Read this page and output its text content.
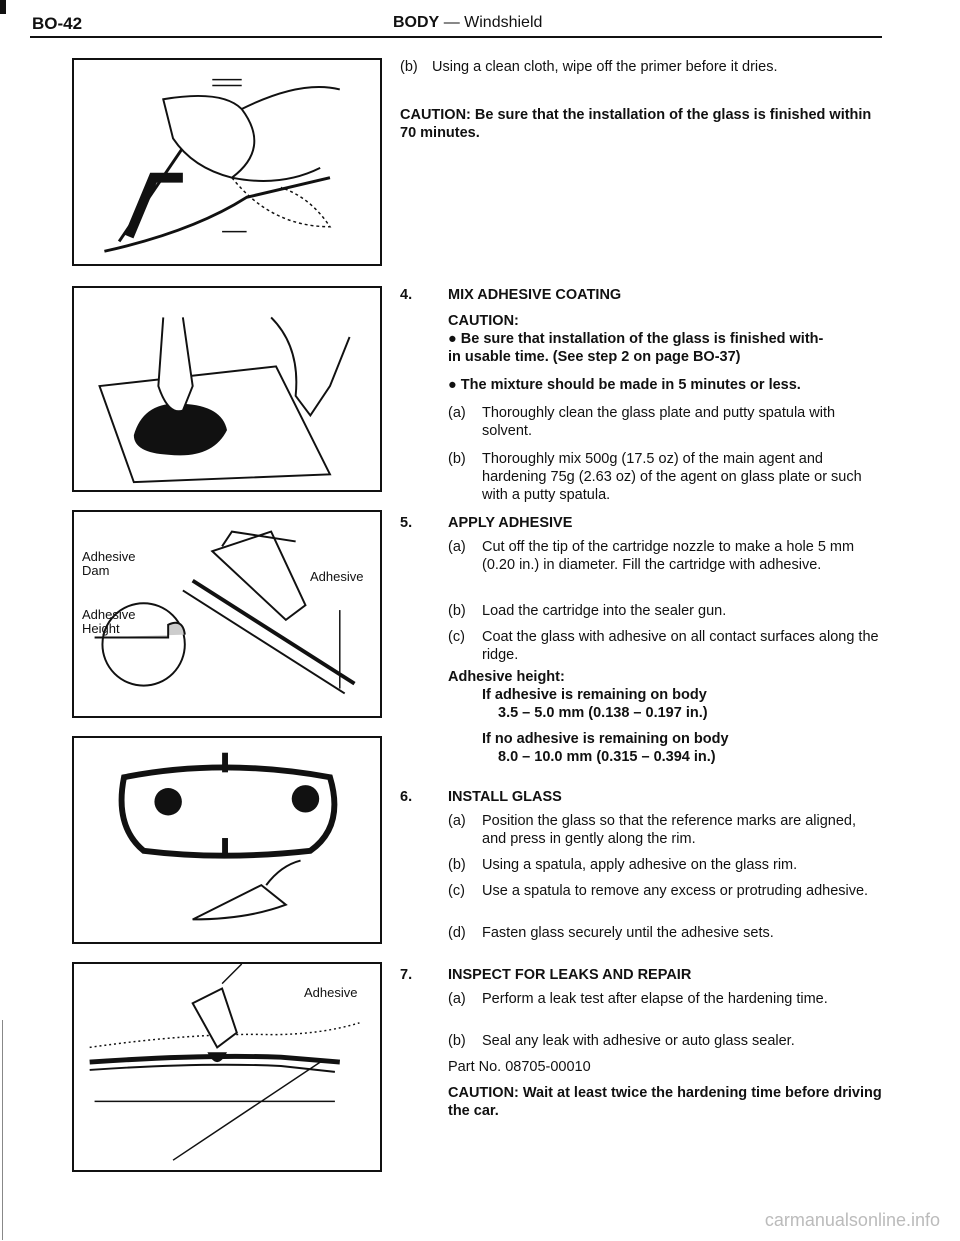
BO-42	BODY — Windshield
Adhesive
Dam	Adhesive
Adhesive
Height
Adhesive
(b) Using a clean cloth, wipe off the primer before it dries.
CAUTION: Be sure that the installation of the glass is finished within 70 minutes.
4. MIX ADHESIVE COATING
CAUTION:
● Be sure that installation of the glass is finished with-
in usable time. (See step 2 on page BO-37)
● The mixture should be made in 5 minutes or less.
(a)	Thoroughly clean the glass plate and putty spatula with solvent.
(b)	Thoroughly mix 500g (17.5 oz) of the main agent and hardening 75g (2.63 oz) of the agent on glass plate or such with a putty spatula.
5. APPLY ADHESIVE
(a)	Cut off the tip of the cartridge nozzle to make a hole 5 mm (0.20 in.) in diameter. Fill the cartridge with adhesive.
(b)	Load the cartridge into the sealer gun.
(c)	Coat the glass with adhesive on all contact surfaces along the ridge.
Adhesive height:
If adhesive is remaining on body
3.5 – 5.0 mm (0.138 – 0.197 in.)
If no adhesive is remaining on body
8.0 – 10.0 mm (0.315 – 0.394 in.)
6. INSTALL GLASS
(a)	Position the glass so that the reference marks are aligned, and press in gently along the rim.
(b)	Using a spatula, apply adhesive on the glass rim.
(c)	Use a spatula to remove any excess or protruding adhesive.
(d)	Fasten glass securely until the adhesive sets.
7. INSPECT FOR LEAKS AND REPAIR
(a)	Perform a leak test after elapse of the hardening time.
(b)	Seal any leak with adhesive or auto glass sealer.
Part No. 08705-00010
CAUTION: Wait at least twice the hardening time before driving the car.
carmanualsonline.info
